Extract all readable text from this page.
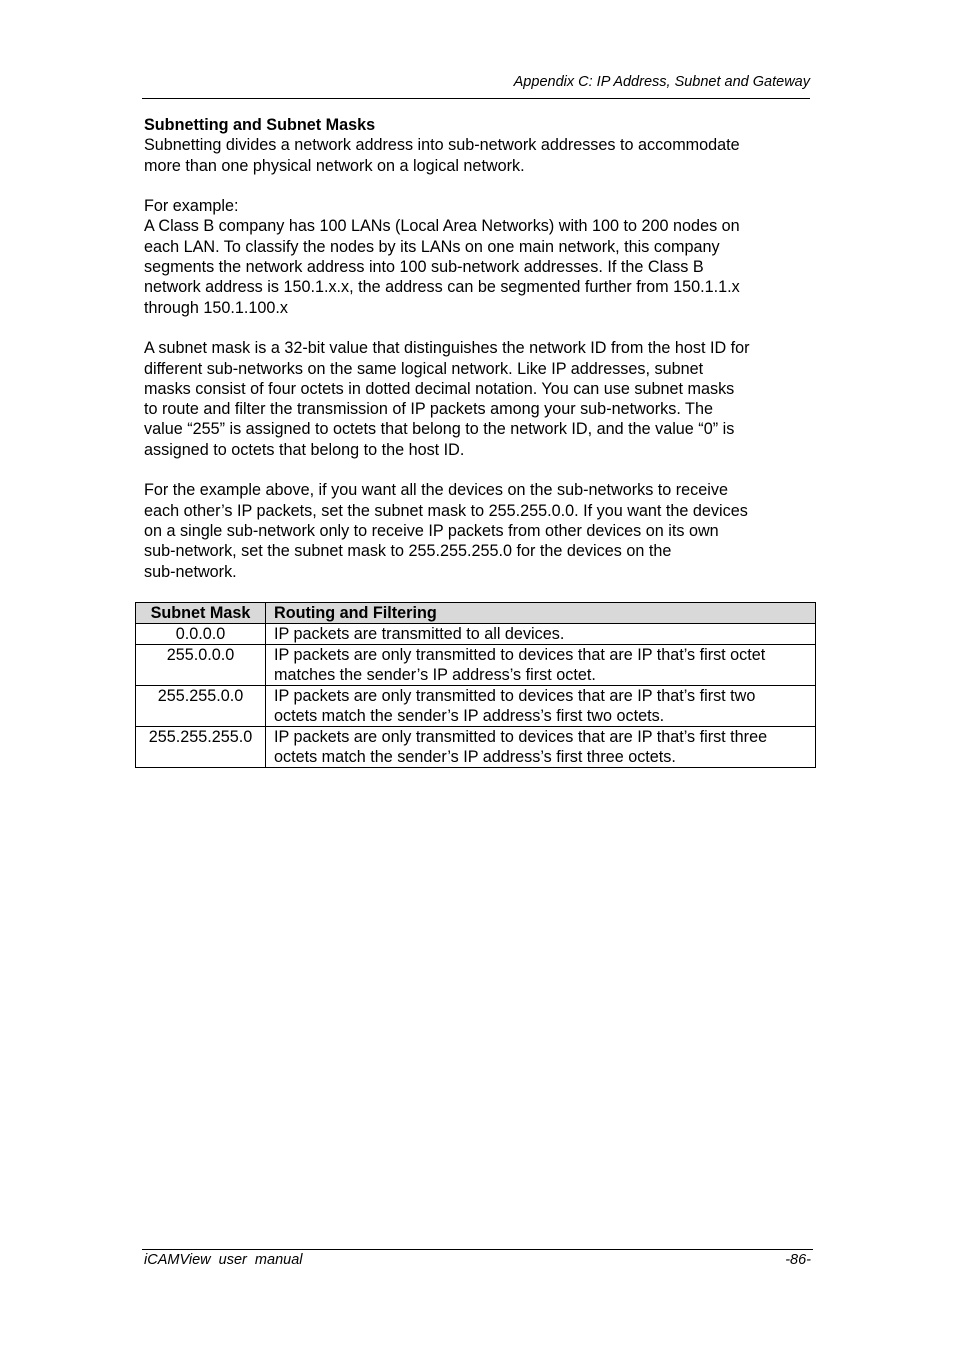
Appendix C: IP Address, Subnet and Gateway

Subnetting and Subnet Masks

Subnetting divides a network address into sub-network addresses to accommodate
more than one physical network on a logical network.

For example:
A Class B company has 100 LANs (Local Area Networks) with 100 to 200 nodes on
each LAN. To classify the nodes by its LANs on one main network, this company
segments the network address into 100 sub-network addresses. If the Class B
network address is 150.1.x.x, the address can be segmented further from 150.1.1.x
through 150.1.100.x

A subnet mask is a 32-bit value that distinguishes the network ID from the host ID for
different sub-networks on the same logical network. Like IP addresses, subnet
masks consist of four octets in dotted decimal notation. You can use subnet masks
to route and filter the transmission of IP packets among your sub-networks. The
value “255” is assigned to octets that belong to the network ID, and the value “0” is
assigned to octets that belong to the host ID.

For the example above, if you want all the devices on the sub-networks to receive
each other’s IP packets, set the subnet mask to 255.255.0.0. If you want the devices
on a single sub-network only to receive IP packets from other devices on its own
sub-network, set the subnet mask to 255.255.255.0 for the devices on the
sub-network.

Subnet Mask	Routing and Filtering
0.0.0.0	IP packets are transmitted to all devices.
255.0.0.0	IP packets are only transmitted to devices that are IP that’s first octet
matches the sender’s IP address’s first octet.
255.255.0.0	IP packets are only transmitted to devices that are IP that’s first two
octets match the sender’s IP address’s first two octets.
255.255.255.0	IP packets are only transmitted to devices that are IP that’s first three
octets match the sender’s IP address’s first three octets.
iCAMView  user  manual	-86-
